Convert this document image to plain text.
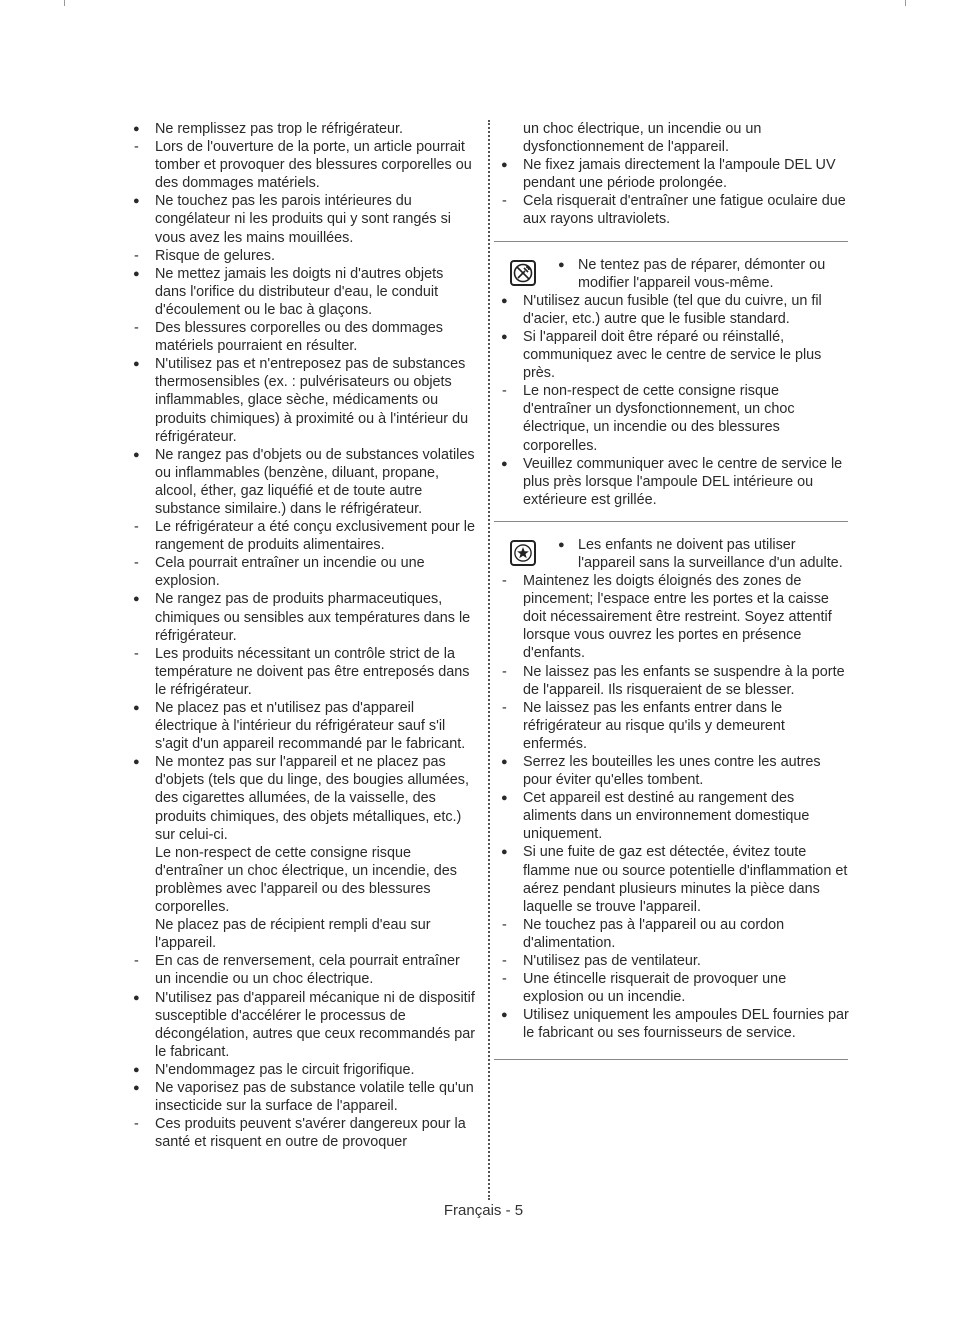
●	Ne remplissez pas trop le réfrigérateur.
-	Lors de l'ouverture de la porte, un article pourrait tomber et provoquer des blessures corporelles ou des dommages matériels.
●	Ne touchez pas les parois intérieures du congélateur ni les produits qui y sont rangés si vous avez les mains mouillées.
-	Risque de gelures.
●	Ne mettez jamais les doigts ni d'autres objets dans l'orifice du distributeur d'eau, le conduit d'écoulement ou le bac à glaçons.
-	Des blessures corporelles ou des dommages matériels pourraient en résulter.
●	N'utilisez pas et n'entreposez pas de substances thermosensibles (ex. : pulvérisateurs ou objets inflammables, glace sèche, médicaments ou produits chimiques) à proximité ou à l'intérieur du réfrigérateur.
●	Ne rangez pas d'objets ou de substances volatiles ou inflammables (benzène, diluant, propane, alcool, éther, gaz liquéfié et de toute autre substance similaire.) dans le réfrigérateur.
-	Le réfrigérateur a été conçu exclusivement pour le rangement de produits alimentaires.
-	Cela pourrait entraîner un incendie ou une explosion.
●	Ne rangez pas de produits pharmaceutiques, chimiques ou sensibles aux températures dans le réfrigérateur.
-	Les produits nécessitant un contrôle strict de la température ne doivent pas être entreposés dans le réfrigérateur.
●	Ne placez pas et n'utilisez pas d'appareil électrique à l'intérieur du réfrigérateur sauf s'il s'agit d'un appareil recommandé par le fabricant.
●	Ne montez pas sur l'appareil et ne placez pas d'objets (tels que du linge, des bougies allumées, des cigarettes allumées, de la vaisselle, des produits chimiques, des objets métalliques, etc.) sur celui-ci.
Le non-respect de cette consigne risque d'entraîner un choc électrique, un incendie, des problèmes avec l'appareil ou des blessures corporelles.
Ne placez pas de récipient rempli d'eau sur l'appareil.
-	En cas de renversement, cela pourrait entraîner un incendie ou un choc électrique.
●	N'utilisez pas d'appareil mécanique ni de dispositif susceptible d'accélérer le processus de décongélation, autres que ceux recommandés par le fabricant.
●	N'endommagez pas le circuit frigorifique.
●	Ne vaporisez pas de substance volatile telle qu'un insecticide sur la surface de l'appareil.
-	Ces produits peuvent s'avérer dangereux pour la santé et risquent en outre de provoquer
un choc électrique, un incendie ou un dysfonctionnement de l'appareil.
●	Ne fixez jamais directement la l'ampoule DEL UV pendant une période prolongée.
-	Cela risquerait d'entraîner une fatigue oculaire due aux rayons ultraviolets.
● Ne tentez pas de réparer, démonter ou modifier l'appareil vous-même.
●	N'utilisez aucun fusible (tel que du cuivre, un fil d'acier, etc.) autre que le fusible standard.
●	Si l'appareil doit être réparé ou réinstallé, communiquez avec le centre de service le plus près.
-	Le non-respect de cette consigne risque d'entraîner un dysfonctionnement, un choc électrique, un incendie ou des blessures corporelles.
●	Veuillez communiquer avec le centre de service le plus près lorsque l'ampoule DEL intérieure ou extérieure est grillée.
● Les enfants ne doivent pas utiliser l'appareil sans la surveillance d'un adulte.
-	Maintenez les doigts éloignés des zones de pincement; l'espace entre les portes et la caisse doit nécessairement être restreint. Soyez attentif lorsque vous ouvrez les portes en présence d'enfants.
-	Ne laissez pas les enfants se suspendre à la porte de l'appareil. Ils risqueraient de se blesser.
-	Ne laissez pas les enfants entrer dans le réfrigérateur au risque qu'ils y demeurent enfermés.
●	Serrez les bouteilles les unes contre les autres pour éviter qu'elles tombent.
●	Cet appareil est destiné au rangement des aliments dans un environnement domestique uniquement.
●	Si une fuite de gaz est détectée, évitez toute flamme nue ou source potentielle d'inflammation et aérez pendant plusieurs minutes la pièce dans laquelle se trouve l'appareil.
-	Ne touchez pas à l'appareil ou au cordon d'alimentation.
-	N'utilisez pas de ventilateur.
-	Une étincelle risquerait de provoquer une explosion ou un incendie.
●	Utilisez uniquement les ampoules DEL fournies par le fabricant ou ses fournisseurs de service.
Français - 5
